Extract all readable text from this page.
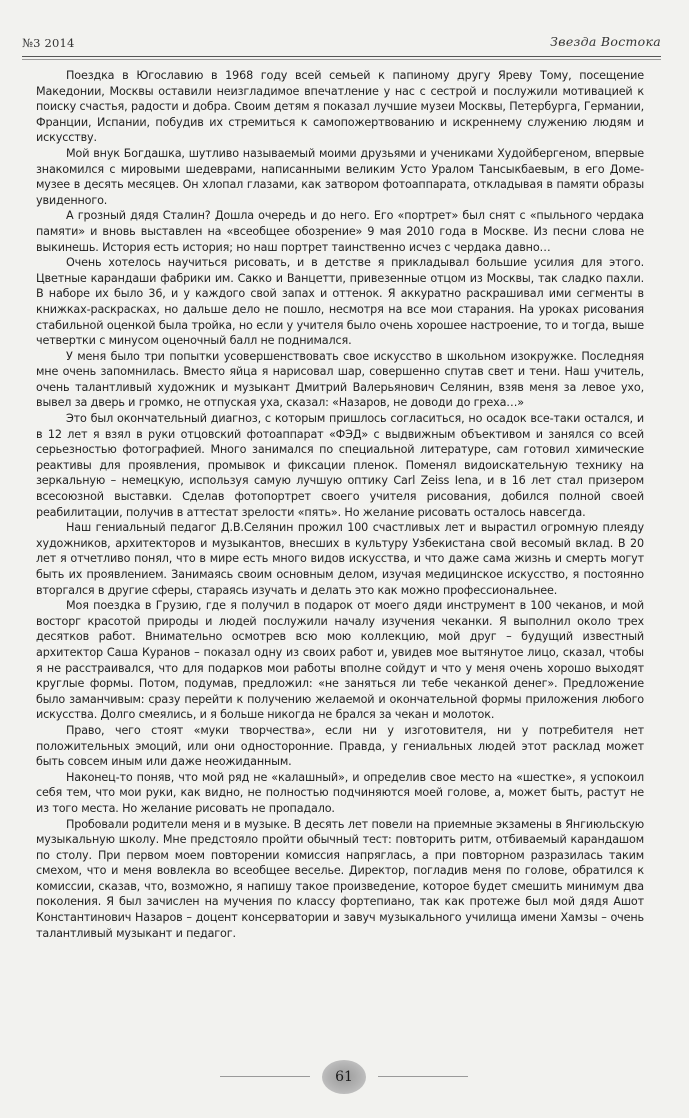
№3 2014	Звезда Востока

Поездка в Югославию в 1968 году всей семьей к папиному другу Яреву Тому, посещение Македонии, Москвы оставили неизгладимое впечатление у нас с сестрой и послужили мотивацией к поиску счастья, радости и добра. Своим детям я показал лучшие музеи Москвы, Петербурга, Германии, Франции, Испании, побудив их стремиться к самопожертвованию и искреннему служению людям и искусству.

Мой внук Богдашка, шутливо называемый моими друзьями и учениками Худойбергеном, впервые знакомился с мировыми шедеврами, написанными великим Усто Уралом Тансыкбаевым, в его Доме-музее в десять месяцев. Он хлопал глазами, как затвором фотоаппарата, откладывая в памяти образы увиденного.

А грозный дядя Сталин? Дошла очередь и до него. Его «портрет» был снят с «пыльного чердака памяти» и вновь выставлен на «всеобщее обозрение» 9 мая 2010 года в Москве. Из песни слова не выкинешь. История есть история; но наш портрет таинственно исчез с чердака давно…

Очень хотелось научиться рисовать, и в детстве я прикладывал большие усилия для этого. Цветные карандаши фабрики им. Сакко и Ванцетти, привезенные отцом из Москвы, так сладко пахли. В наборе их было 36, и у каждого свой запах и оттенок. Я аккуратно раскрашивал ими сегменты в книжках-раскрасках, но дальше дело не пошло, несмотря на все мои старания. На уроках рисования стабильной оценкой была тройка, но если у учителя было очень хорошее настроение, то и тогда, выше четвертки с минусом оценочный балл не поднимался.

У меня было три попытки усовершенствовать свое искусство в школьном изокружке. Последняя мне очень запомнилась. Вместо яйца я нарисовал шар, совершенно спутав свет и тени. Наш учитель, очень талантливый художник и музыкант Дмитрий Валерьянович Селянин, взяв меня за левое ухо, вывел за дверь и громко, не отпуская уха, сказал: «Назаров, не доводи до греха…»

Это был окончательный диагноз, с которым пришлось согласиться, но осадок все-таки остался, и в 12 лет я взял в руки отцовский фотоаппарат «ФЭД» с выдвижным объективом и занялся со всей серьезностью фотографией. Много занимался по специальной литературе, сам готовил химические реактивы для проявления, промывок и фиксации пленок. Поменял видоискательную технику на зеркальную – немецкую, используя самую лучшую оптику Carl Zeiss Iena, и в 16 лет стал призером всесоюзной выставки. Сделав фотопортрет своего учителя рисования, добился полной своей реабилитации, получив в аттестат зрелости «пять». Но желание рисовать осталось навсегда.

Наш гениальный педагог Д.В.Селянин прожил 100 счастливых лет и вырастил огромную плеяду художников, архитекторов и музыкантов, внесших в культуру Узбекистана свой весомый вклад. В 20 лет я отчетливо понял, что в мире есть много видов искусства, и что даже сама жизнь и смерть могут быть их проявлением. Занимаясь своим основным делом, изучая медицинское искусство, я постоянно вторгался в другие сферы, стараясь изучать и делать это как можно профессиональнее.

Моя поездка в Грузию, где я получил в подарок от моего дяди инструмент в 100 чеканов, и мой восторг красотой природы и людей послужили началу изучения чеканки. Я выполнил около трех десятков работ. Внимательно осмотрев всю мою коллекцию, мой друг – будущий известный архитектор Саша Куранов – показал одну из своих работ и, увидев мое вытянутое лицо, сказал, чтобы я не расстраивался, что для подарков мои работы вполне сойдут и что у меня очень хорошо выходят круглые формы. Потом, подумав, предложил: «не заняться ли тебе чеканкой денег». Предложение было заманчивым: сразу перейти к получению желаемой и окончательной формы приложения любого искусства. Долго смеялись, и я больше никогда не брался за чекан и молоток.

Право, чего стоят «муки творчества», если ни у изготовителя, ни у потребителя нет положительных эмоций, или они односторонние. Правда, у гениальных людей этот расклад может быть совсем иным или даже неожиданным.

Наконец-то поняв, что мой ряд не «калашный», и определив свое место на «шестке», я успокоил себя тем, что мои руки, как видно, не полностью подчиняются моей голове, а, может быть, растут не из того места. Но желание рисовать не пропадало.

Пробовали родители меня и в музыке. В десять лет повели на приемные экзамены в Янгиюльскую музыкальную школу. Мне предстояло пройти обычный тест: повторить ритм, отбиваемый карандашом по столу. При первом моем повторении комиссия напряглась, а при повторном разразилась таким смехом, что и меня вовлекла во всеобщее веселье. Директор, погладив меня по голове, обратился к комиссии, сказав, что, возможно, я напишу такое произведение, которое будет смешить минимум два поколения. Я был зачислен на мучения по классу фортепиано, так как протеже был мой дядя Ашот Константинович Назаров – доцент консерватории и завуч музыкального училища имени Хамзы – очень талантливый музыкант и педагог.

61
